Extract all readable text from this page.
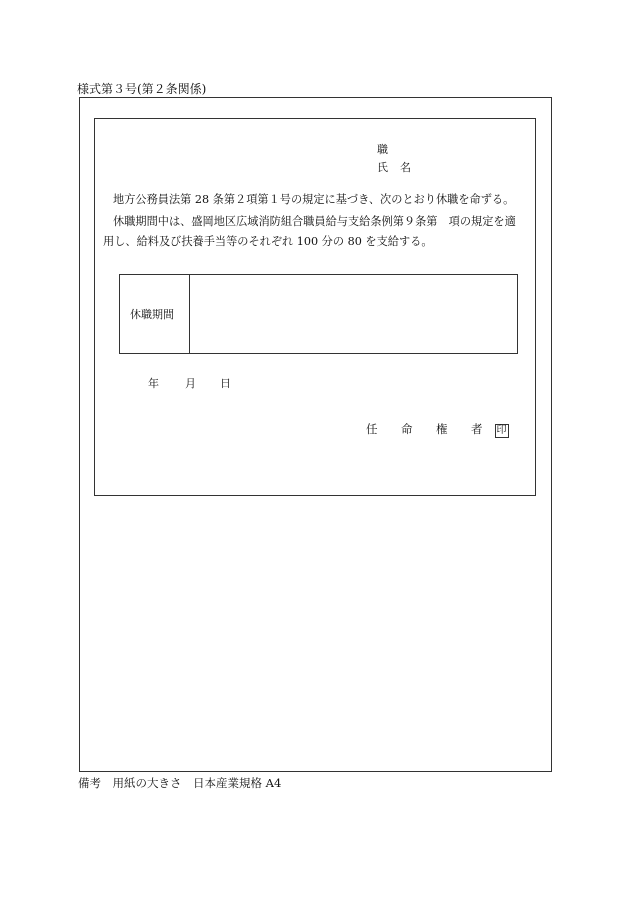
様式第３号(第２条関係)
職
氏名
地方公務員法第 28 条第２項第１号の規定に基づき、次のとおり休職を命ずる。
休職期間中は、盛岡地区広域消防組合職員給与支給条例第９条第　項の規定を適
用し、給料及び扶養手当等のそれぞれ 100 分の 80 を支給する。
休職期間
年 月 日
任 命 権 者 印
備考　用紙の大きさ　日本産業規格 A4
